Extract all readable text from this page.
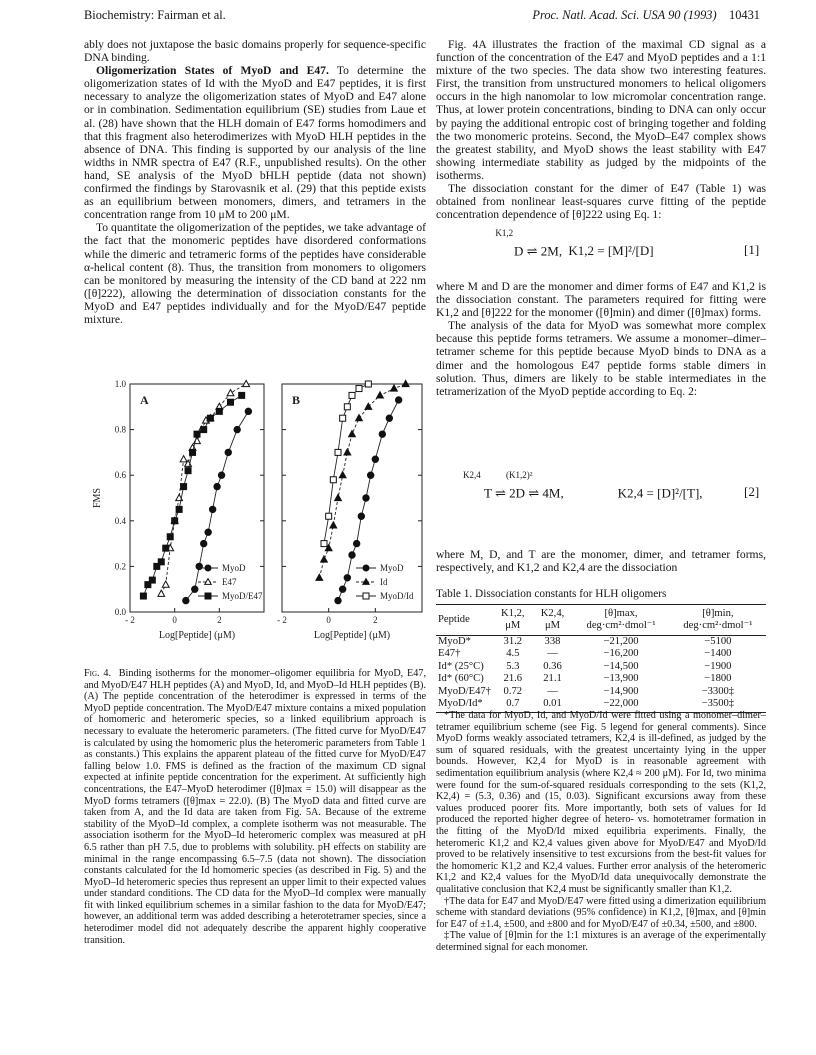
Biochemistry: Fairman et al.	Proc. Natl. Acad. Sci. USA 90 (1993) 10431

ably does not juxtapose the basic domains properly for sequence-specific DNA binding.

Oligomerization States of MyoD and E47. To determine the oligomerization states of Id with the MyoD and E47 peptides, it is first necessary to analyze the oligomerization states of MyoD and E47 alone or in combination. Sedimentation equilibrium (SE) studies from Laue et al. (28) have shown that the HLH domain of E47 forms homodimers and that this fragment also heterodimerizes with MyoD HLH peptides in the absence of DNA. This finding is supported by our analysis of the line widths in NMR spectra of E47 (R.F., unpublished results). On the other hand, SE analysis of the MyoD bHLH peptide (data not shown) confirmed the findings by Starovasnik et al. (29) that this peptide exists as an equilibrium between monomers, dimers, and tetramers in the concentration range from 10 μM to 200 μM.

To quantitate the oligomerization of the peptides, we take advantage of the fact that the monomeric peptides have disordered conformations while the dimeric and tetrameric forms of the peptides have considerable α-helical content (8). Thus, the transition from monomers to oligomers can be monitored by measuring the intensity of the CD band at 222 nm ([θ]222), allowing the determination of dissociation constants for the MyoD and E47 peptides individually and for the MyoD/E47 peptide mixture.

0.0
0.2
0.4
0.6
0.8
1.0
- 2	0	2
A
Log[Peptide] (μM)
MyoD
E47
MyoD/E47
- 2	0	2
B
Log[Peptide] (μM)
MyoD
Id
MyoD/Id
FMS
Fig. 4. Binding isotherms for the monomer–oligomer equilibria for MyoD, E47, and MyoD/E47 HLH peptides (A) and MyoD, Id, and MyoD–Id HLH peptides (B). (A) The peptide concentration of the heterodimer is expressed in terms of the MyoD peptide concentration. The MyoD/E47 mixture contains a mixed population of homomeric and heteromeric species, so a linked equilibrium approach is necessary to evaluate the heteromeric parameters. (The fitted curve for MyoD/E47 is calculated by using the homomeric plus the heteromeric parameters from Table 1 as constants.) This explains the apparent plateau of the fitted curve for MyoD/E47 falling below 1.0. FMS is defined as the fraction of the maximum CD signal expected at infinite peptide concentration for the experiment. At sufficiently high concentrations, the E47–MyoD heterodimer ([θ]max = 15.0) will disappear as the MyoD forms tetramers ([θ]max = 22.0). (B) The MyoD data and fitted curve are taken from A, and the Id data are taken from Fig. 5A. Because of the extreme stability of the MyoD–Id complex, a complete isotherm was not measurable. The association isotherm for the MyoD–Id heteromeric complex was measured at pH 6.5 rather than pH 7.5, due to problems with solubility. pH effects on stability are minimal in the range encompassing 6.5–7.5 (data not shown). The dissociation constants calculated for the Id homomeric species (as described in Fig. 5) and the MyoD–Id heteromeric species thus represent an upper limit to their expected values under standard conditions. The CD data for the MyoD–Id complex were manually fit with linked equilibrium schemes in a similar fashion to the data for MyoD/E47; however, an additional term was added describing a heterotetramer species, since a heterodimer model did not adequately describe the apparent highly cooperative transition.

Fig. 4A illustrates the fraction of the maximal CD signal as a function of the concentration of the E47 and MyoD peptides and a 1:1 mixture of the two species. The data show two interesting features. First, the transition from unstructured monomers to helical oligomers occurs in the high nanomolar to low micromolar concentration range. Thus, at lower protein concentrations, binding to DNA can only occur by paying the additional entropic cost of bringing together and folding the two monomeric proteins. Second, the MyoD–E47 complex shows the greatest stability, and MyoD shows the least stability with E47 showing intermediate stability as judged by the midpoints of the isotherms.

The dissociation constant for the dimer of E47 (Table 1) was obtained from nonlinear least-squares curve fitting of the peptide concentration dependence of [θ]222 using Eq. 1:

D ⇌ 2M, $^{K1,2}$ K1,2 = [M]²/[D]	[1]

where M and D are the monomer and dimer forms of E47 and K1,2 is the dissociation constant. The parameters required for fitting were K1,2 and [θ]222 for the monomer ([θ]min) and dimer ([θ]max) forms.

The analysis of the data for MyoD was somewhat more complex because this peptide forms tetramers. We assume a monomer–dimer–tetramer scheme for this peptide because MyoD binds to DNA as a dimer and the homologous E47 peptide forms stable dimers in solution. Thus, dimers are likely to be stable intermediates in the tetramerization of the MyoD peptide according to Eq. 2:

T ⇌ 2D ⇌ 4M, $^{K2,4}$	$^{(K1,2)^2}$ K2,4 = [D]²/[T],	[2]

where M, D, and T are the monomer, dimer, and tetramer forms, respectively, and K1,2 and K2,4 are the dissociation

Table 1. Dissociation constants for HLH oligomers
Peptide	K1,2, μM	K2,4, μM	[θ]max, deg·cm²·dmol⁻¹	[θ]min, deg·cm²·dmol⁻¹
MyoD*	31.2	338	−21,200	−5100
E47†	4.5	—	−16,200	−1400
Id* (25°C)	5.3	0.36	−14,500	−1900
Id* (60°C)	21.6	21.1	−13,900	−1800
MyoD/E47†	0.72	—	−14,900	−3300‡
MyoD/Id*	0.7	0.01	−22,000	−3500‡

*The data for MyoD, Id, and MyoD/Id were fitted using a monomer–dimer–tetramer equilibrium scheme (see Fig. 5 legend for general comments). Since MyoD forms weakly associated tetramers, K2,4 is ill-defined, as judged by the sum of squared residuals, with the greatest uncertainty lying in the upper bounds. However, K2,4 for MyoD is in reasonable agreement with sedimentation equilibrium analysis (where K2,4 ≈ 200 μM). For Id, two minima were found for the sum-of-squared residuals corresponding to the sets (K1,2, K2,4) = (5.3, 0.36) and (15, 0.03). Significant excursions away from these values produced poorer fits. More importantly, both sets of values for Id produced the reported higher degree of hetero- vs. homotetramer formation in the fitting of the MyoD/Id mixed equilibria experiments. Finally, the heteromeric K1,2 and K2,4 values given above for MyoD/E47 and MyoD/Id proved to be relatively insensitive to test excursions from the best-fit values for the homomeric K1,2 and K2,4 values. Further error analysis of the heteromeric K1,2 and K2,4 values for the MyoD/Id data unequivocally demonstrate the qualitative conclusion that K2,4 must be significantly smaller than K1,2.

†The data for E47 and MyoD/E47 were fitted using a dimerization equilibrium scheme with standard deviations (95% confidence) in K1,2, [θ]max, and [θ]min for E47 of ±1.4, ±500, and ±800 and for MyoD/E47 of ±0.34, ±500, and ±800.

‡The value of [θ]min for the 1:1 mixtures is an average of the experimentally determined signal for each monomer.
